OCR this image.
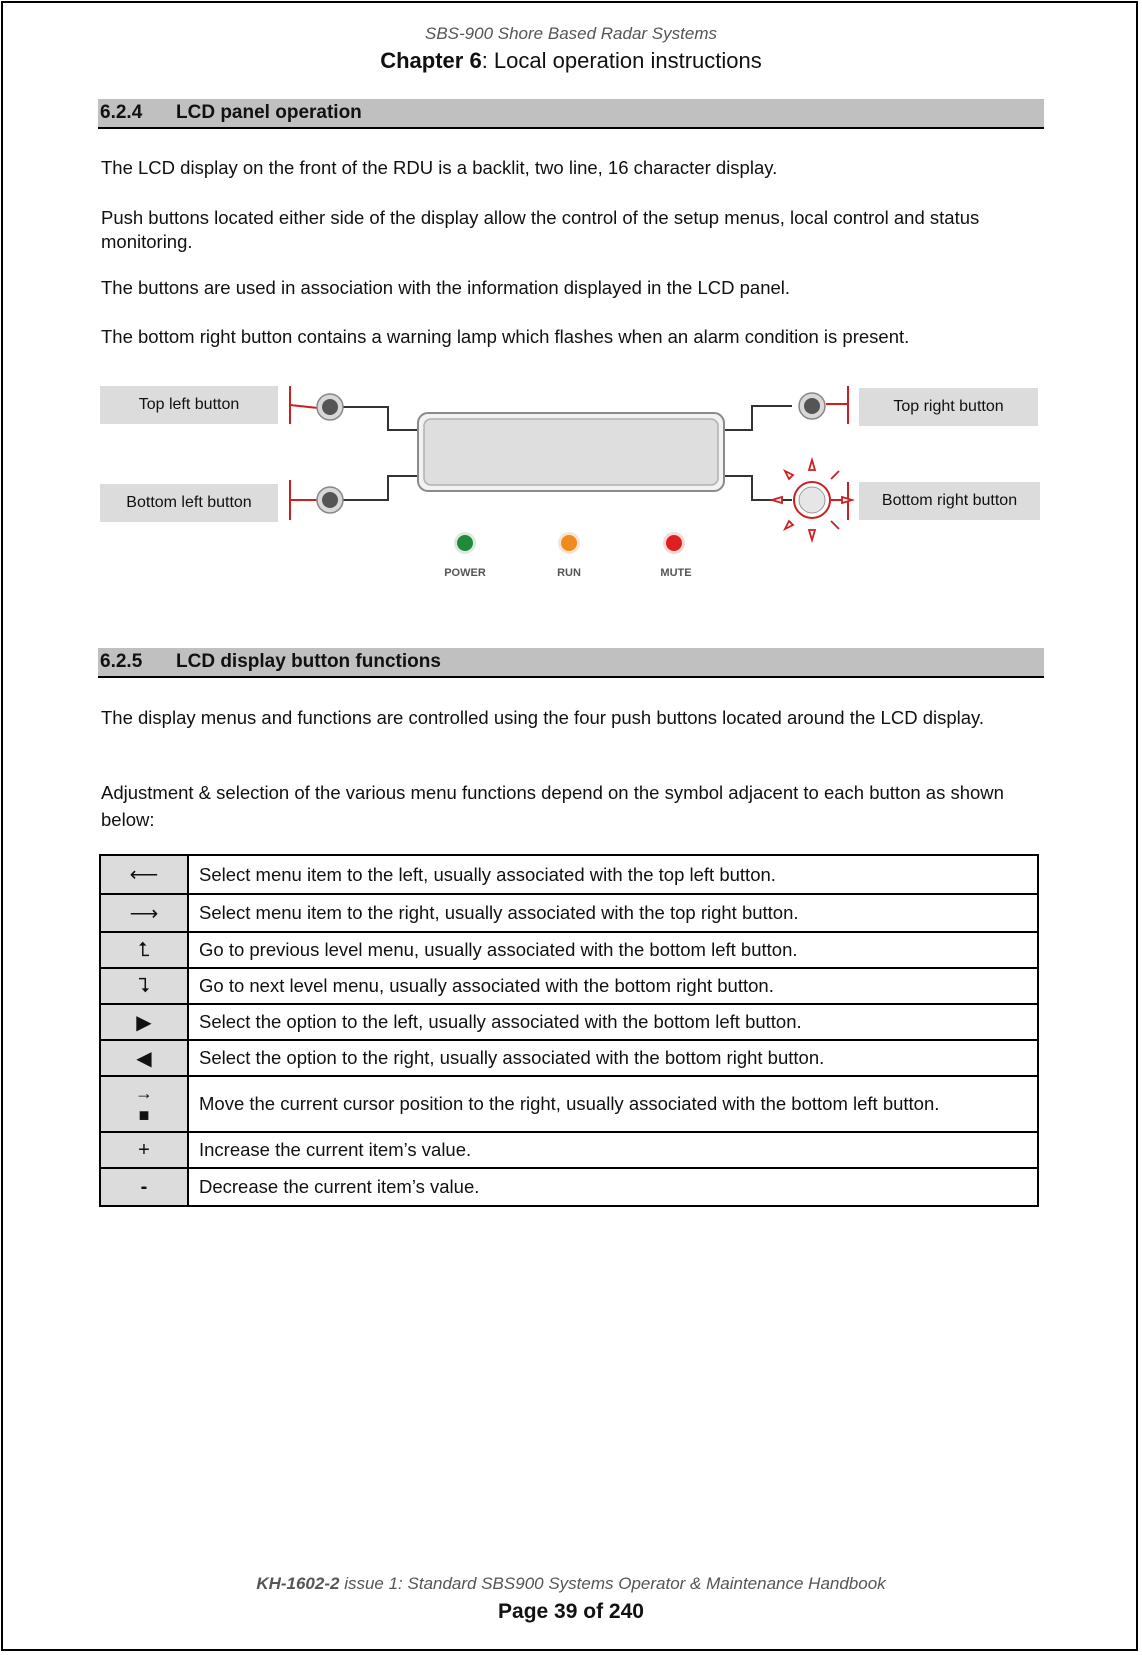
SBS-900 Shore Based Radar Systems
Chapter 6: Local operation instructions
6.2.4 LCD panel operation
The LCD display on the front of the RDU is a backlit, two line, 16 character display.
Push buttons located either side of the display allow the control of the setup menus, local control and status monitoring.
The buttons are used in association with the information displayed in the LCD panel.
The bottom right button contains a warning lamp which flashes when an alarm condition is present.
Top left button
Bottom left button
Top right button
Bottom right button
POWER	RUN	MUTE
6.2.5 LCD display button functions
The display menus and functions are controlled using the four push buttons located around the LCD display.
Adjustment & selection of the various menu functions depend on the symbol adjacent to each button as shown below:
⟵	Select menu item to the left, usually associated with the top left button.
⟶	Select menu item to the right, usually associated with the top right button.
⮤	Go to previous level menu, usually associated with the bottom left button.
⮧	Go to next level menu, usually associated with the bottom right button.
▶	Select the option to the left, usually associated with the bottom left button.
◀	Select the option to the right, usually associated with the bottom right button.
→
■	Move the current cursor position to the right, usually associated with the bottom left button.
+	Increase the current item’s value.
-	Decrease the current item’s value.
KH-1602-2 issue 1: Standard SBS900 Systems Operator & Maintenance Handbook
Page 39 of 240
